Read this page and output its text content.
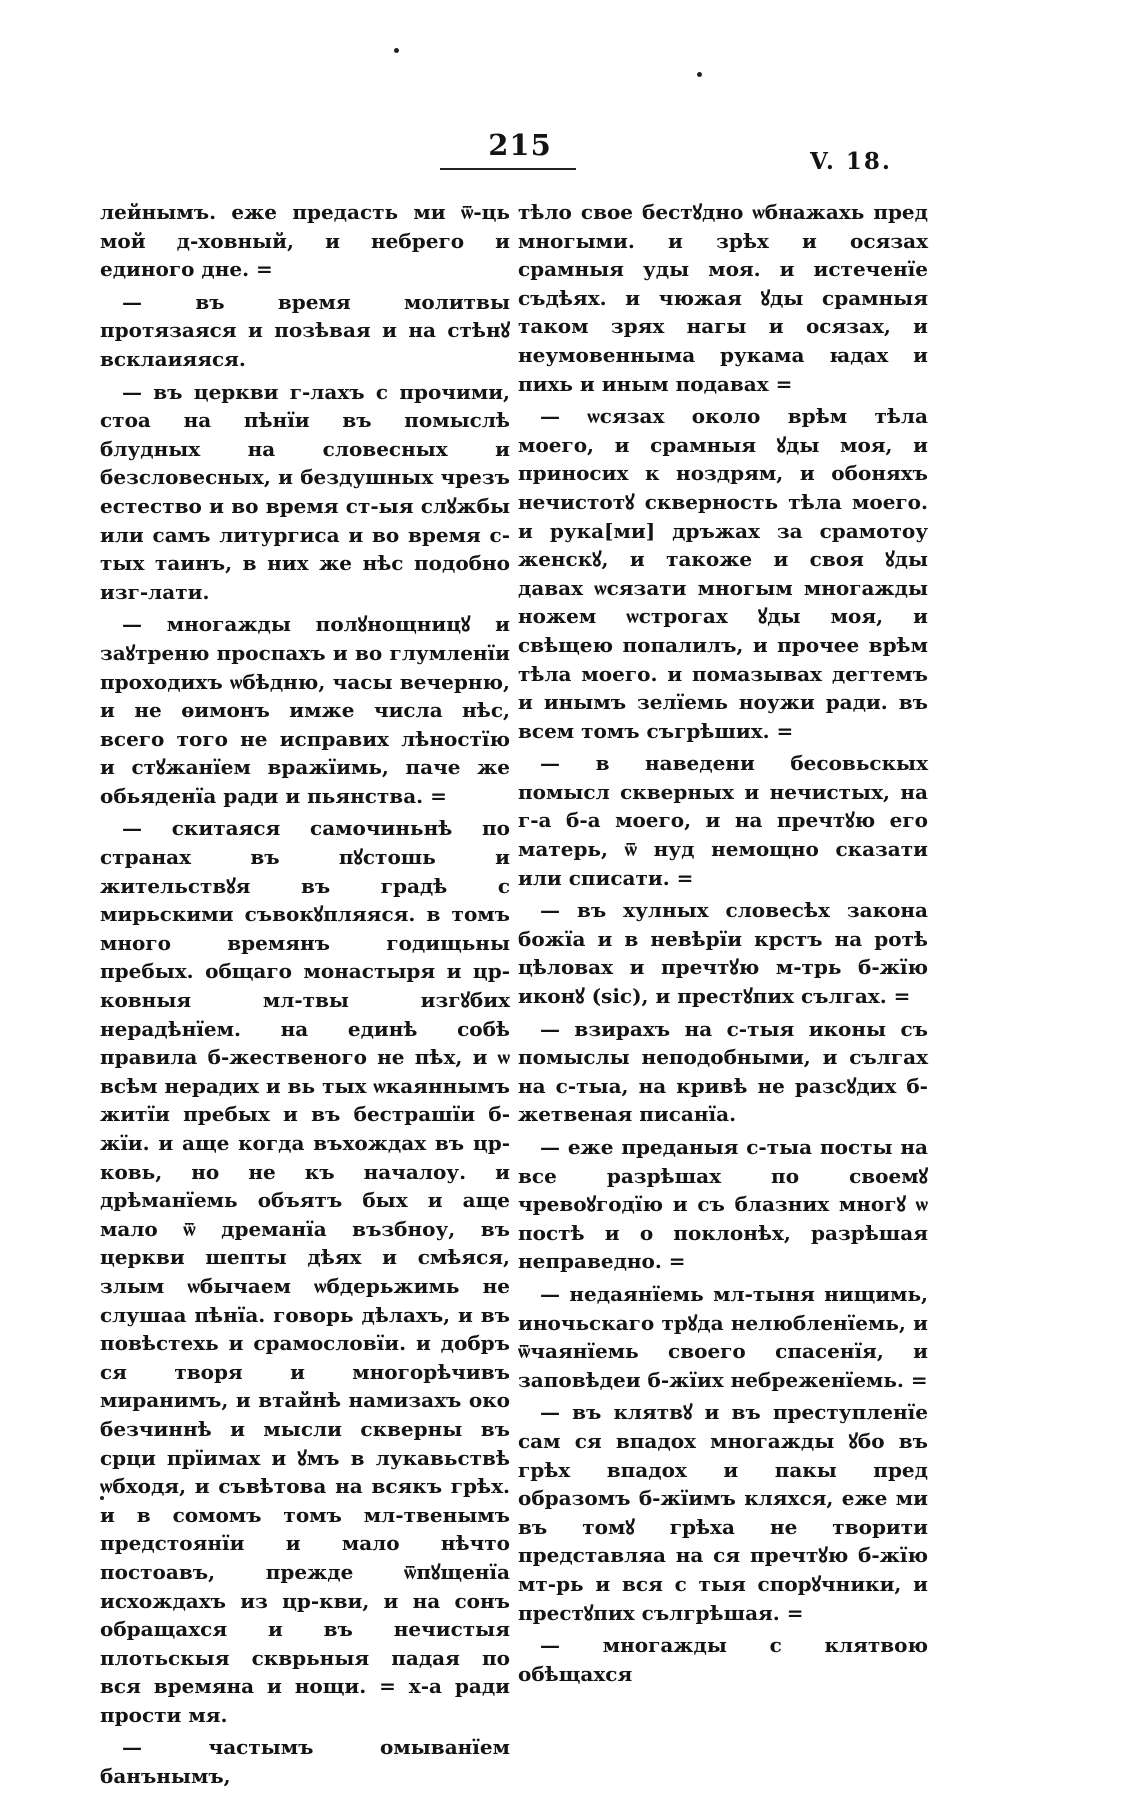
215	V. 18.

лейнымъ. еже предасть ми ѿ-ць мой д-ховный, и небрего и единого дне. =

— въ время молитвы протязаяся и позѣвая и на стѣнꙋ всклаияяся.

— въ церкви г-лахъ с прочими, стоа на пѣнїи въ помыслѣ блудных на словесных и безсловесных, и бездушных чрезъ естество и во время ст-ыя слꙋжбы или самъ литургиса и во время с-тых таинъ, в них же нѣс подобно изг-лати.

— многажды полꙋнощницꙋ и заꙋтреню проспахъ и во глумленїи проходихъ ѡбѣдню, часы вечерню, и не ѳимонъ имже числа нѣс, всего того не исправих лѣностїю и стꙋжанїем вражїимь, паче же обьяденїа ради и пьянства. =

— скитаяся самочиньнѣ по странах въ пꙋстошь и жительствꙋя въ градѣ с мирьскими съвокꙋпляяся. в томъ много времянъ годищьны пребых. общаго монастыря и цр-ковныя мл-твы изгꙋбих нерадѣнїем. на единѣ собѣ правила б-жественого не пѣх, и ѡ всѣм нерадих и вь тых ѡкаяннымъ житїи пребых и въ бестрашїи б-жїи. и аще когда въхождах въ цр-ковь, но не къ началоу. и дрѣманїемь объятъ бых и аще мало ѿ дреманїа възбноу, въ церкви шепты дѣях и смѣяся, злым ѡбычаем ѡбдерьжимь не слушаа пѣнїа. говорь дѣлахъ, и въ повѣстехь и срамословїи. и добръ ся творя и многорѣчивъ миранимъ, и втайнѣ намизахъ око безчиннѣ и мысли скверны въ срци прїимах и ꙋмъ в лукавьствѣ ѡбходя, и съвѣтова на всякъ грѣх. и в сомомъ томъ мл-твенымъ предстоянїи и мало нѣчто постоавъ, прежде ѿпꙋщенїа исхождахъ из цр-кви, и на сонъ обращахся и въ нечистыя плотьскыя скврьныя падая по вся времяна и нощи. = х-а ради прости мя.

— частымъ омыванїем банънымъ,

тѣло свое бестꙋдно ѡбнажахь пред многыми. и зрѣх и осязах срамныя уды моя. и истеченїе съдѣях. и чюжая ꙋды срамныя таком зрях нагы и осязах, и неумовенныма рукама ꙗдах и пихь и иным подавах =

— ѡсязах около врѣм тѣла моего, и срамныя ꙋды моя, и приносих к ноздрям, и обоняхъ нечистотꙋ скверность тѣла моего. и рука[ми] дръжах за срамотоу женскꙋ, и такоже и своя ꙋды давах ѡсязати многым многажды ножем ѡстрогах ꙋды моя, и свѣщею попалилъ, и прочее врѣм тѣла моего. и помазывах дегтемъ и инымъ зелїемь ноужи ради. въ всем томъ съгрѣших. =

— в наведени бесовьскых помысл скверных и нечистых, на г-а б-а моего, и на пречтꙋю его матерь, ѿ нуд немощно сказати или списати. =

— въ хулных словесѣх закона божїа и в невѣрїи крстъ на ротѣ цѣловах и пречтꙋю м-трь б-жїю иконꙋ (sic), и престꙋпих сългах. =

— взирахъ на с-тыя иконы съ помыслы неподобными, и сългах на с-тыа, на кривѣ не разсꙋдих б-жетвеная писанїа.

— еже преданыя с-тыа посты на все разрѣшах по своемꙋ чревоꙋгодїю и съ блазних многꙋ ѡ постѣ и о поклонѣх, разрѣшая неправедно. =

— недаянїемь мл-тыня нищимь, иночьскаго трꙋда нелюбленїемь, и ѿчаянїемь своего спасенїя, и заповѣдеи б-жїих небреженїемь. =

— въ клятвꙋ и въ преступленїе сам ся впадох многажды ꙋбо въ грѣх впадох и пакы пред образомъ б-жїимъ кляхся, еже ми въ томꙋ грѣха не творити представляа на ся пречтꙋю б-жїю мт-рь и вся с тыя спорꙋчники, и престꙋпих сългрѣшая. =

— многажды с клятвою обѣщахся
